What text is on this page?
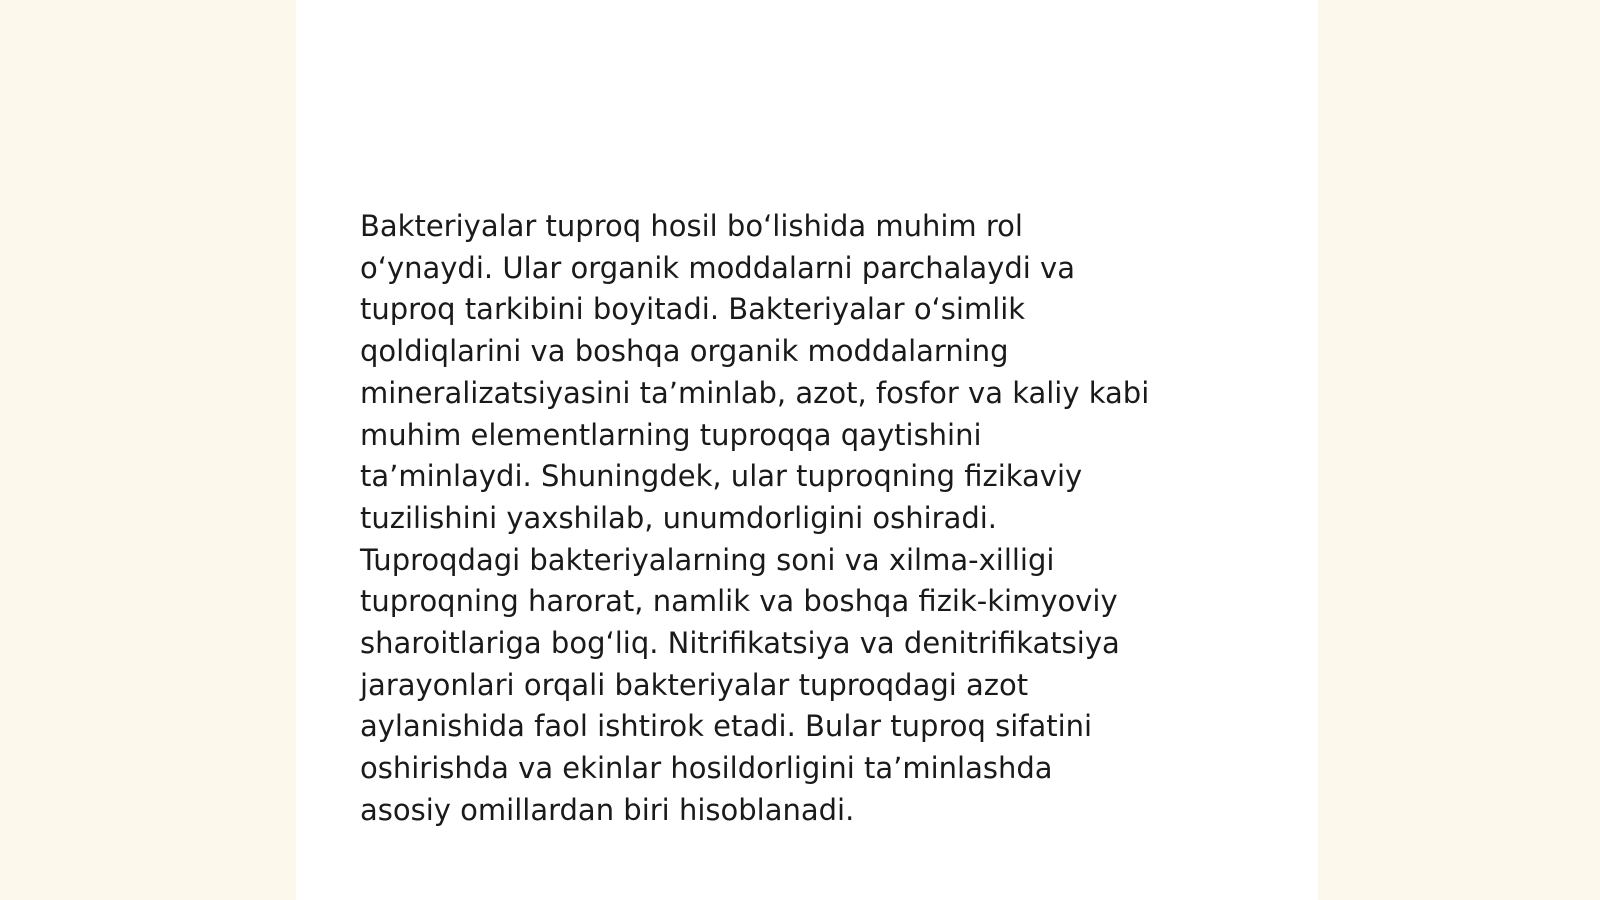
Bakteriyalar tuproq hosil boʻlishida muhim rol
oʻynaydi. Ular organik moddalarni parchalaydi va
tuproq tarkibini boyitadi. Bakteriyalar oʻsimlik
qoldiqlarini va boshqa organik moddalarning
mineralizatsiyasini taʼminlab, azot, fosfor va kaliy kabi
muhim elementlarning tuproqqa qaytishini
taʼminlaydi. Shuningdek, ular tuproqning fizikaviy
tuzilishini yaxshilab, unumdorligini oshiradi.
Tuproqdagi bakteriyalarning soni va xilma-xilligi
tuproqning harorat, namlik va boshqa fizik-kimyoviy
sharoitlariga bogʻliq. Nitrifikatsiya va denitrifikatsiya
jarayonlari orqali bakteriyalar tuproqdagi azot
aylanishida faol ishtirok etadi. Bular tuproq sifatini
oshirishda va ekinlar hosildorligini taʼminlashda
asosiy omillardan biri hisoblanadi.
